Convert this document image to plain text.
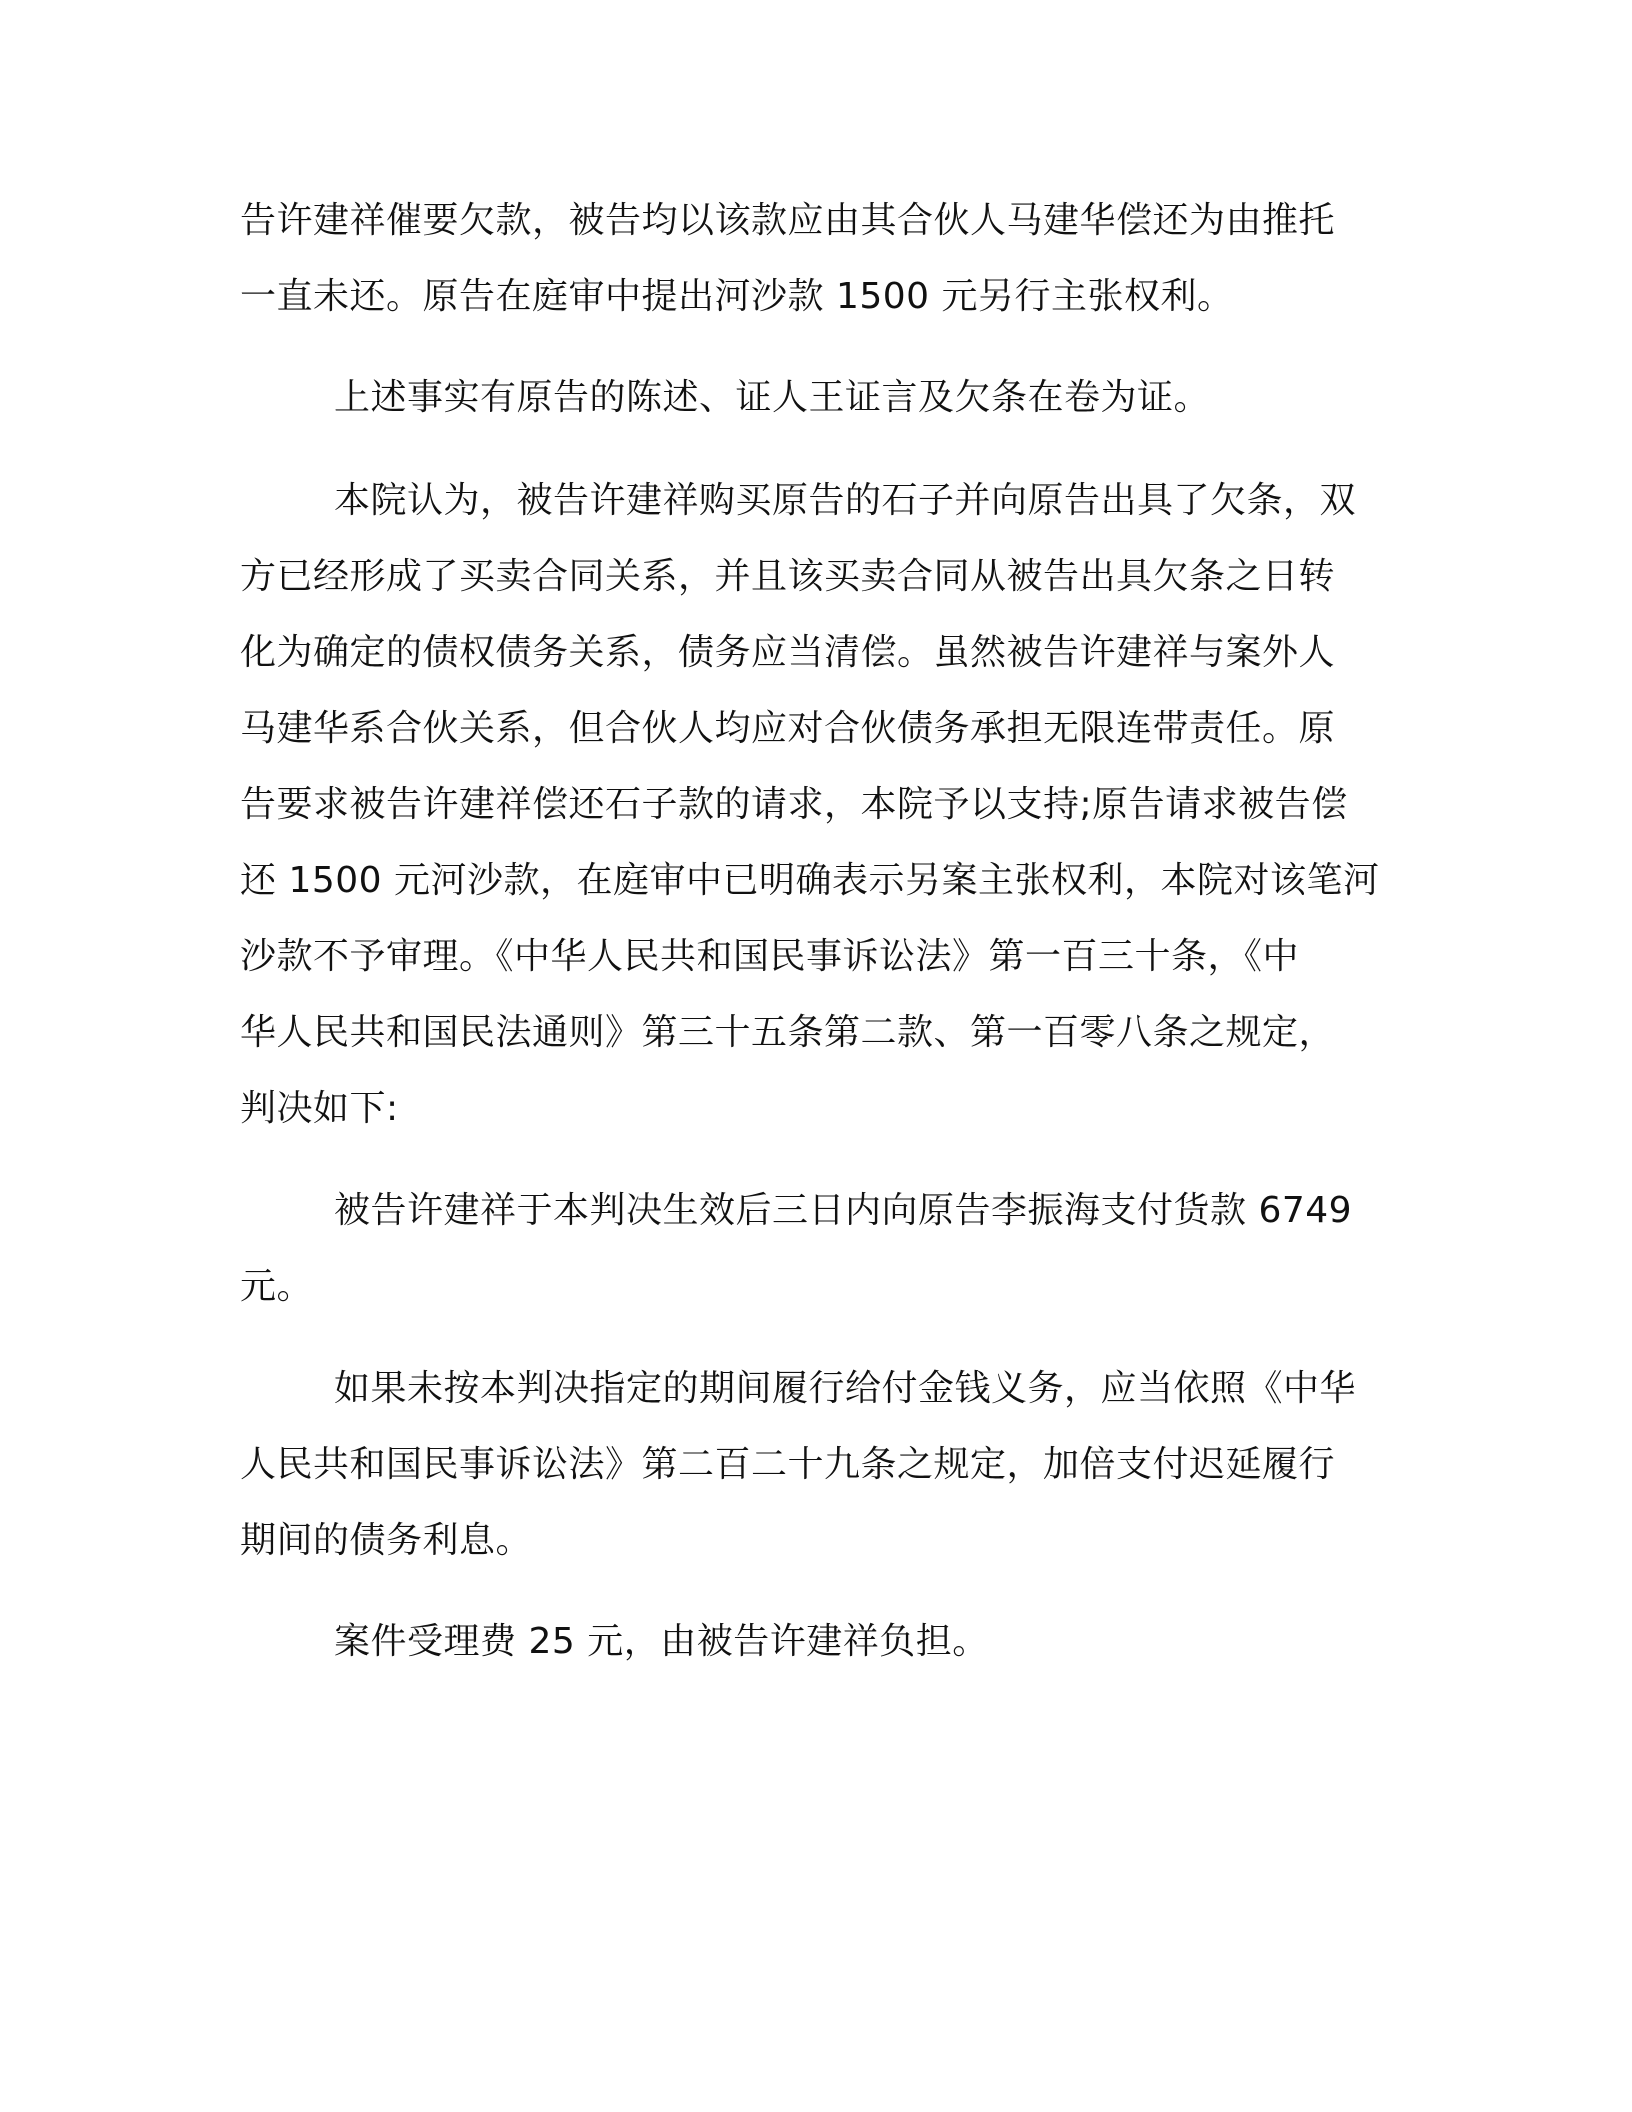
告许建祥催要欠款，被告均以该款应由其合伙人马建华偿还为由推托
一直未还。原告在庭审中提出河沙款 1500 元另行主张权利。
上述事实有原告的陈述、证人王证言及欠条在卷为证。
本院认为，被告许建祥购买原告的石子并向原告出具了欠条，双
方已经形成了买卖合同关系，并且该买卖合同从被告出具欠条之日转
化为确定的债权债务关系，债务应当清偿。虽然被告许建祥与案外人
马建华系合伙关系，但合伙人均应对合伙债务承担无限连带责任。原
告要求被告许建祥偿还石子款的请求，本院予以支持;原告请求被告偿
还 1500 元河沙款，在庭审中已明确表示另案主张权利，本院对该笔河
沙款不予审理。《中华人民共和国民事诉讼法》第一百三十条，《中
华人民共和国民法通则》第三十五条第二款、第一百零八条之规定，
判决如下:
被告许建祥于本判决生效后三日内向原告李振海支付货款 6749
元。
如果未按本判决指定的期间履行给付金钱义务，应当依照《中华
人民共和国民事诉讼法》第二百二十九条之规定，加倍支付迟延履行
期间的债务利息。
案件受理费 25 元，由被告许建祥负担。
